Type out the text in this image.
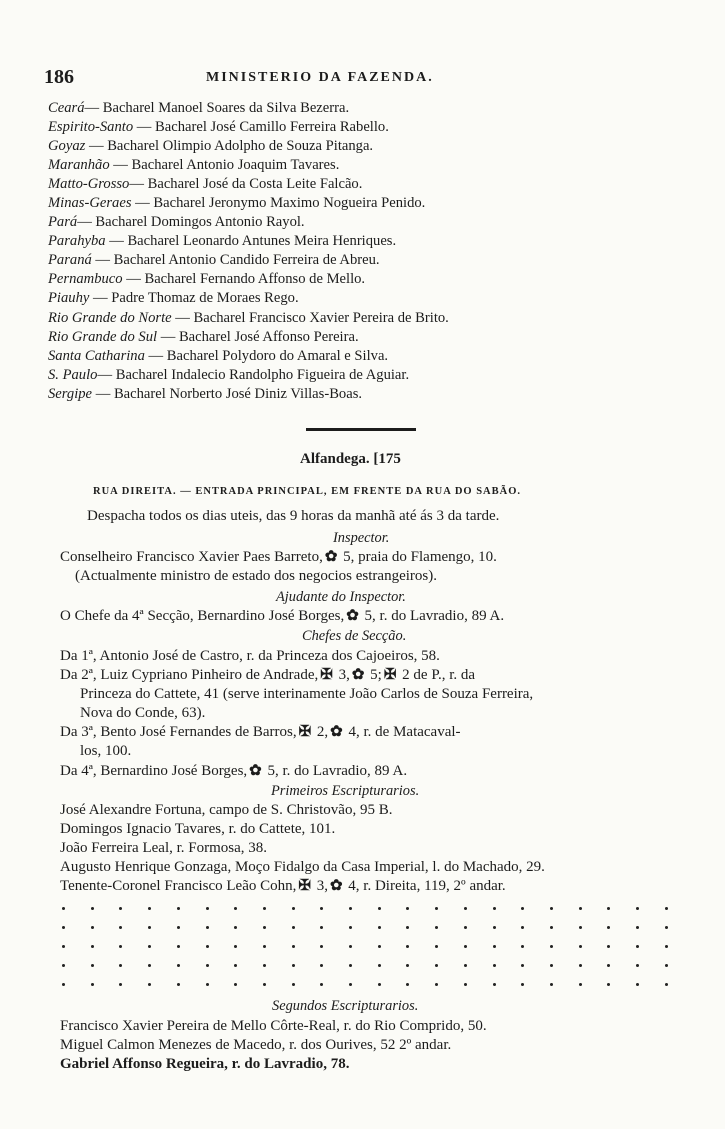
186	MINISTERIO DA FAZENDA.
Ceará— Bacharel Manoel Soares da Silva Bezerra.
Espirito-Santo — Bacharel José Camillo Ferreira Rabello.
Goyaz — Bacharel Olimpio Adolpho de Souza Pitanga.
Maranhão — Bacharel Antonio Joaquim Tavares.
Matto-Grosso— Bacharel José da Costa Leite Falcão.
Minas-Geraes — Bacharel Jeronymo Maximo Nogueira Penido.
Pará— Bacharel Domingos Antonio Rayol.
Parahyba — Bacharel Leonardo Antunes Meira Henriques.
Paraná — Bacharel Antonio Candido Ferreira de Abreu.
Pernambuco — Bacharel Fernando Affonso de Mello.
Piauhy — Padre Thomaz de Moraes Rego.
Rio Grande do Norte — Bacharel Francisco Xavier Pereira de Brito.
Rio Grande do Sul — Bacharel José Affonso Pereira.
Santa Catharina — Bacharel Polydoro do Amaral e Silva.
S. Paulo— Bacharel Indalecio Randolpho Figueira de Aguiar.
Sergipe — Bacharel Norberto José Diniz Villas-Boas.
Alfandega. [175
RUA DIREITA. — ENTRADA PRINCIPAL, EM FRENTE DA RUA DO SABÃO.
Despacha todos os dias uteis, das 9 horas da manhã até ás 3 da tarde.
Inspector.
Conselheiro Francisco Xavier Paes Barreto, ✿ 5, praia do Flamengo, 10.
(Actualmente ministro de estado dos negocios estrangeiros).
Ajudante do Inspector.
O Chefe da 4ª Secção, Bernardino José Borges, ✿ 5, r. do Lavradio, 89 A.
Chefes de Secção.
Da 1ª, Antonio José de Castro, r. da Princeza dos Cajoeiros, 58.
Da 2ª, Luiz Cypriano Pinheiro de Andrade, ✠ 3, ✿ 5; ✠ 2 de P., r. da
Princeza do Cattete, 41 (serve interinamente João Carlos de Souza Ferreira,
Nova do Conde, 63).
Da 3ª, Bento José Fernandes de Barros, ✠ 2, ✿ 4, r. de Matacaval-
los, 100.
Da 4ª, Bernardino José Borges, ✿ 5, r. do Lavradio, 89 A.
Primeiros Escripturarios.
José Alexandre Fortuna, campo de S. Christovão, 95 B.
Domingos Ignacio Tavares, r. do Cattete, 101.
João Ferreira Leal, r. Formosa, 38.
Augusto Henrique Gonzaga, Moço Fidalgo da Casa Imperial, l. do Machado, 29.
Tenente-Coronel Francisco Leão Cohn, ✠ 3, ✿ 4, r. Direita, 119, 2º andar.
Segundos Escripturarios.
Francisco Xavier Pereira de Mello Côrte-Real, r. do Rio Comprido, 50.
Miguel Calmon Menezes de Macedo, r. dos Ourives, 52 2º andar.
Gabriel Affonso Regueira, r. do Lavradio, 78.
